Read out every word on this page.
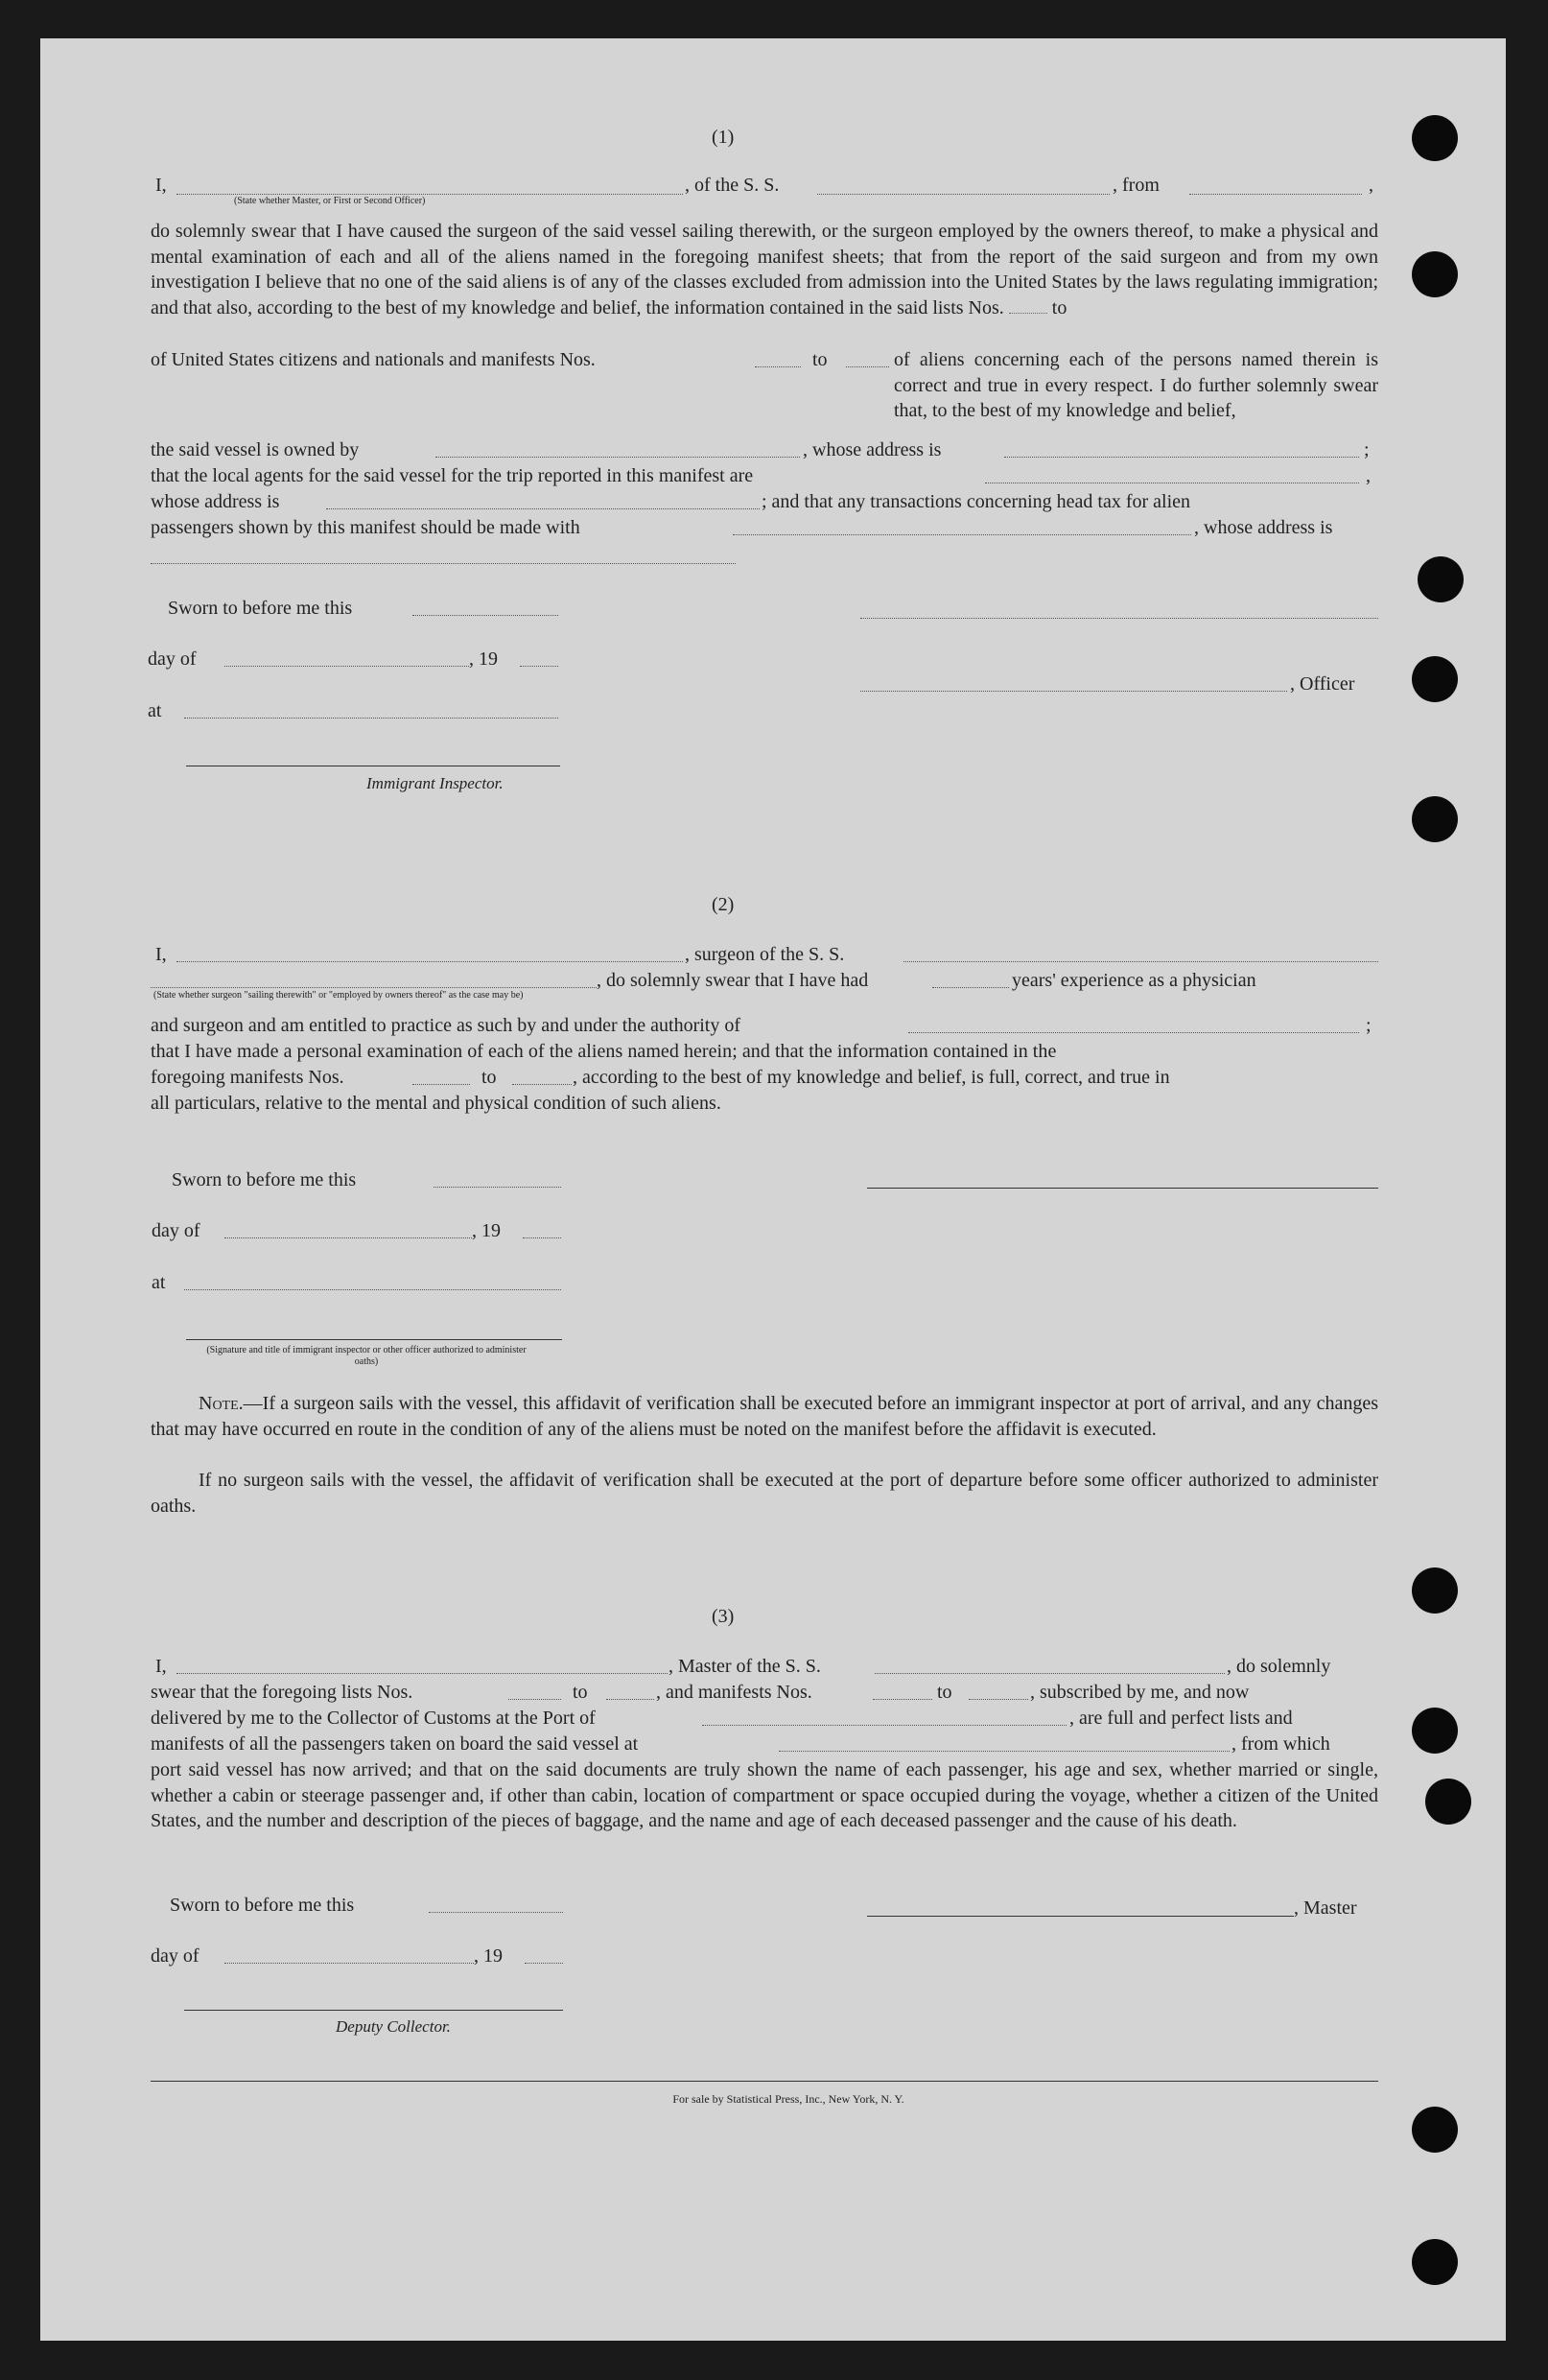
(1)
I,	, of the S. S.	, from	,
(State whether Master, or First or Second Officer)
do solemnly swear that I have caused the surgeon of the said vessel sailing therewith, or the surgeon employed by the owners thereof, to make a physical and mental examination of each and all of the aliens named in the foregoing manifest sheets; that from the report of the said surgeon and from my own investigation I believe that no one of the said aliens is of any of the classes excluded from admission into the United States by the laws regulating immigration; and that also, according to the best of my knowledge and belief, the information contained in the said lists Nos.	to
of United States citizens and nationals and manifests Nos.	to	of aliens concerning each of the persons named therein is correct and true in every respect. I do further solemnly swear that, to the best of my knowledge and belief,
the said vessel is owned by	, whose address is	;
that the local agents for the said vessel for the trip reported in this manifest are	,
whose address is	; and that any transactions concerning head tax for alien
passengers shown by this manifest should be made with	, whose address is
Sworn to before me this
day of	, 19
at
Immigrant Inspector.
, Officer
(2)
I,	, surgeon of the S. S.
, do solemnly swear that I have had	years' experience as a physician
(State whether surgeon "sailing therewith" or "employed by owners thereof" as the case may be)
and surgeon and am entitled to practice as such by and under the authority of	;
that I have made a personal examination of each of the aliens named herein; and that the information contained in the
foregoing manifests Nos.	to	, according to the best of my knowledge and belief, is full, correct, and true in
all particulars, relative to the mental and physical condition of such aliens.
Sworn to before me this
day of	, 19
at
(Signature and title of immigrant inspector or other officer authorized to administer oaths)
Note.—If a surgeon sails with the vessel, this affidavit of verification shall be executed before an immigrant inspector at port of arrival, and any changes that may have occurred en route in the condition of any of the aliens must be noted on the manifest before the affidavit is executed.
If no surgeon sails with the vessel, the affidavit of verification shall be executed at the port of departure before some officer authorized to administer oaths.
(3)
I,	, Master of the S. S.	, do solemnly
swear that the foregoing lists Nos.	to	, and manifests Nos.	to	, subscribed by me, and now
delivered by me to the Collector of Customs at the Port of	, are full and perfect lists and
manifests of all the passengers taken on board the said vessel at	, from which
port said vessel has now arrived; and that on the said documents are truly shown the name of each passenger, his age and sex, whether married or single, whether a cabin or steerage passenger and, if other than cabin, location of compartment or space occupied during the voyage, whether a citizen of the United States, and the number and description of the pieces of baggage, and the name and age of each deceased passenger and the cause of his death.
Sworn to before me this
day of	, 19
Deputy Collector.
, Master
For sale by Statistical Press, Inc., New York, N. Y.
